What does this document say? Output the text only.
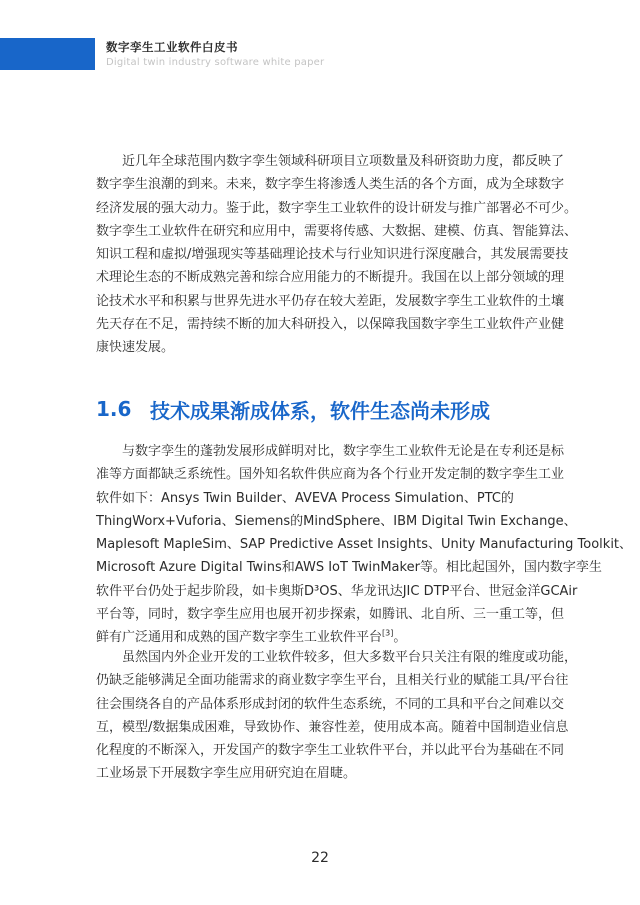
数字孪生工业软件白皮书
Digital twin industry software white paper

　　近几年全球范围内数字孪生领域科研项目立项数量及科研资助力度，都反映了
数字孪生浪潮的到来。未来，数字孪生将渗透人类生活的各个方面，成为全球数字
经济发展的强大动力。鉴于此，数字孪生工业软件的设计研发与推广部署必不可少。
数字孪生工业软件在研究和应用中，需要将传感、大数据、建模、仿真、智能算法、
知识工程和虚拟/增强现实等基础理论技术与行业知识进行深度融合，其发展需要技
术理论生态的不断成熟完善和综合应用能力的不断提升。我国在以上部分领域的理
论技术水平和积累与世界先进水平仍存在较大差距，发展数字孪生工业软件的土壤
先天存在不足，需持续不断的加大科研投入，以保障我国数字孪生工业软件产业健
康快速发展。

1.6 技术成果渐成体系，软件生态尚未形成

　　与数字孪生的蓬勃发展形成鲜明对比，数字孪生工业软件无论是在专利还是标
准等方面都缺乏系统性。国外知名软件供应商为各个行业开发定制的数字孪生工业
软件如下：Ansys Twin Builder、AVEVA Process Simulation、PTC的
ThingWorx+Vuforia、Siemens的MindSphere、IBM Digital Twin Exchange、
Maplesoft MapleSim、SAP Predictive Asset Insights、Unity Manufacturing Toolkit、
Microsoft Azure Digital Twins和AWS IoT TwinMaker等。相比起国外，国内数字孪生
软件平台仍处于起步阶段，如卡奥斯D³OS、华龙讯达JIC DTP平台、世冠金洋GCAir
平台等，同时，数字孪生应用也展开初步探索，如腾讯、北自所、三一重工等，但
鲜有广泛通用和成熟的国产数字孪生工业软件平台[3]。

　　虽然国内外企业开发的工业软件较多，但大多数平台只关注有限的维度或功能，
仍缺乏能够满足全面功能需求的商业数字孪生平台，且相关行业的赋能工具/平台往
往会围绕各自的产品体系形成封闭的软件生态系统，不同的工具和平台之间难以交
互，模型/数据集成困难，导致协作、兼容性差，使用成本高。随着中国制造业信息
化程度的不断深入，开发国产的数字孪生工业软件平台，并以此平台为基础在不同
工业场景下开展数字孪生应用研究迫在眉睫。

22
